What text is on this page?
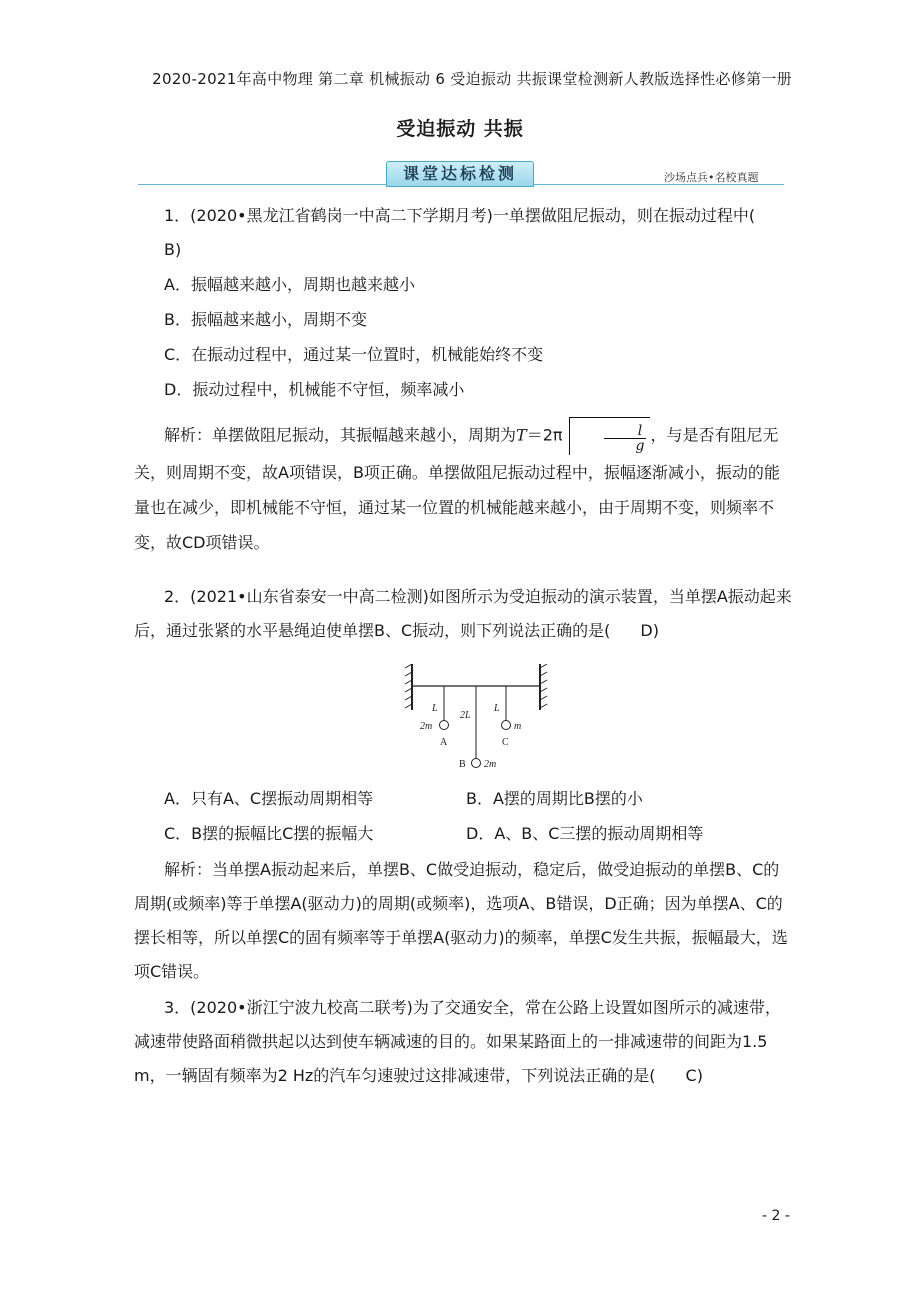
2020-2021年高中物理 第二章 机械振动 6 受迫振动 共振课堂检测新人教版选择性必修第一册
受迫振动 共振
课堂达标检测	沙场点兵•名校真题

1．(2020•黑龙江省鹤岗一中高二下学期月考)一单摆做阻尼振动，则在振动过程中(B)

A．振幅越来越小，周期也越来越小

B．振幅越来越小，周期不变

C．在振动过程中，通过某一位置时，机械能始终不变

D．振动过程中，机械能不守恒，频率减小

解析：单摆做阻尼振动，其振幅越来越小，周期为T＝2π	$\frac{l}{g}$ ，与是否有阻尼无关，则周期不变，故A项错误，B项正确。单摆做阻尼振动过程中，振幅逐渐减小，振动的能量也在减少，即机械能不守恒，通过某一位置的机械能越来越小，由于周期不变，则频率不变，故CD项错误。

2．(2021•山东省泰安一中高二检测)如图所示为受迫振动的演示装置，当单摆A振动起来后，通过张紧的水平悬绳迫使单摆B、C振动，则下列说法正确的是( D)

L
2L
L
2m
A
m
C
B 2m
A．只有A、C摆振动周期相等	B．A摆的周期比B摆的小
C．B摆的振幅比C摆的振幅大	D．A、B、C三摆的振动周期相等

解析：当单摆A振动起来后，单摆B、C做受迫振动，稳定后，做受迫振动的单摆B、C的周期(或频率)等于单摆A(驱动力)的周期(或频率)，选项A、B错误，D正确；因为单摆A、C的摆长相等，所以单摆C的固有频率等于单摆A(驱动力)的频率，单摆C发生共振，振幅最大，选项C错误。

3．(2020•浙江宁波九校高二联考)为了交通安全，常在公路上设置如图所示的减速带，减速带使路面稍微拱起以达到使车辆减速的目的。如果某路面上的一排减速带的间距为1.5 m，一辆固有频率为2 Hz的汽车匀速驶过这排减速带，下列说法正确的是( C)

- 2 -
